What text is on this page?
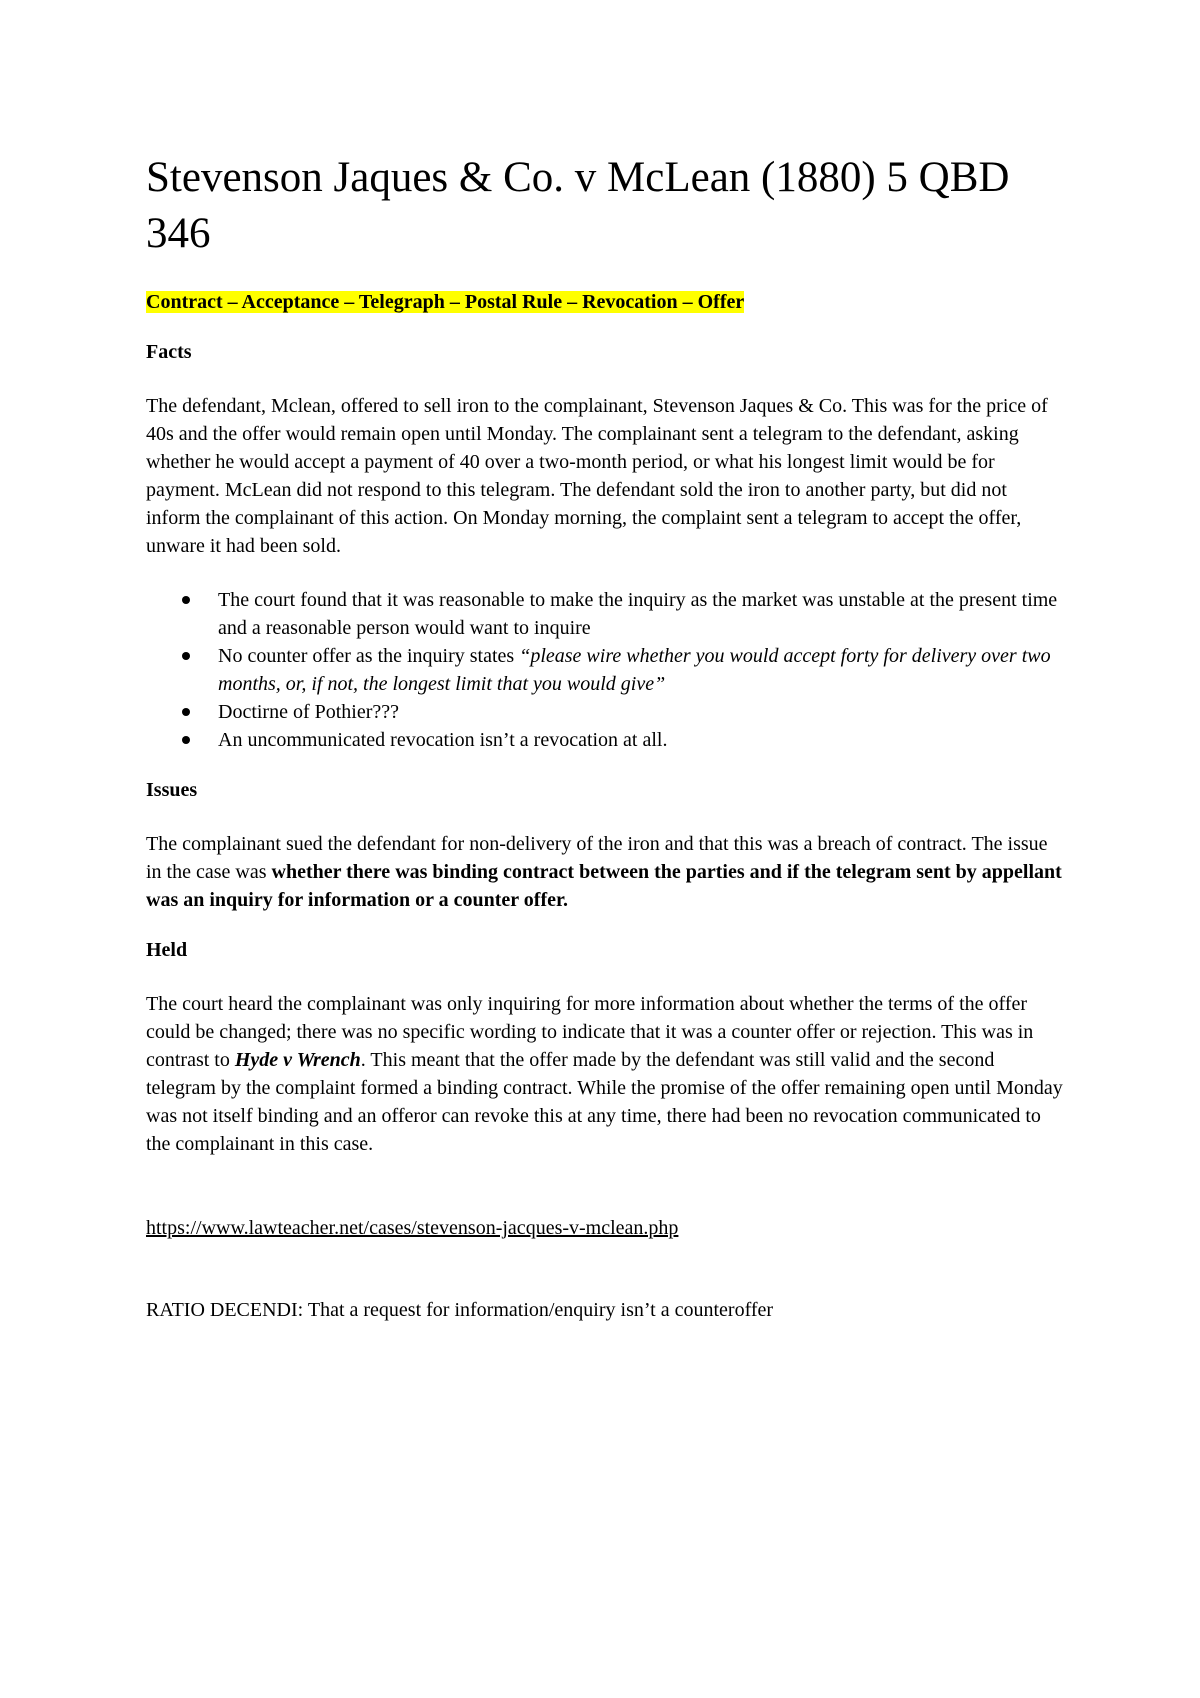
Stevenson Jaques & Co. v McLean (1880) 5 QBD 346

Contract – Acceptance – Telegraph – Postal Rule – Revocation – Offer

Facts

The defendant, Mclean, offered to sell iron to the complainant, Stevenson Jaques & Co. This was for the price of 40s and the offer would remain open until Monday. The complainant sent a telegram to the defendant, asking whether he would accept a payment of 40 over a two-month period, or what his longest limit would be for payment. McLean did not respond to this telegram. The defendant sold the iron to another party, but did not inform the complainant of this action. On Monday morning, the complaint sent a telegram to accept the offer, unware it had been sold.

The court found that it was reasonable to make the inquiry as the market was unstable at the present time and a reasonable person would want to inquire
No counter offer as the inquiry states “please wire whether you would accept forty for delivery over two months, or, if not, the longest limit that you would give”
Doctirne of Pothier???
An uncommunicated revocation isn’t a revocation at all.

Issues

The complainant sued the defendant for non-delivery of the iron and that this was a breach of contract. The issue in the case was whether there was binding contract between the parties and if the telegram sent by appellant was an inquiry for information or a counter offer.

Held

The court heard the complainant was only inquiring for more information about whether the terms of the offer could be changed; there was no specific wording to indicate that it was a counter offer or rejection. This was in contrast to Hyde v Wrench. This meant that the offer made by the defendant was still valid and the second telegram by the complaint formed a binding contract. While the promise of the offer remaining open until Monday was not itself binding and an offeror can revoke this at any time, there had been no revocation communicated to the complainant in this case.

https://www.lawteacher.net/cases/stevenson-jacques-v-mclean.php

RATIO DECENDI: That a request for information/enquiry isn’t a counteroffer
